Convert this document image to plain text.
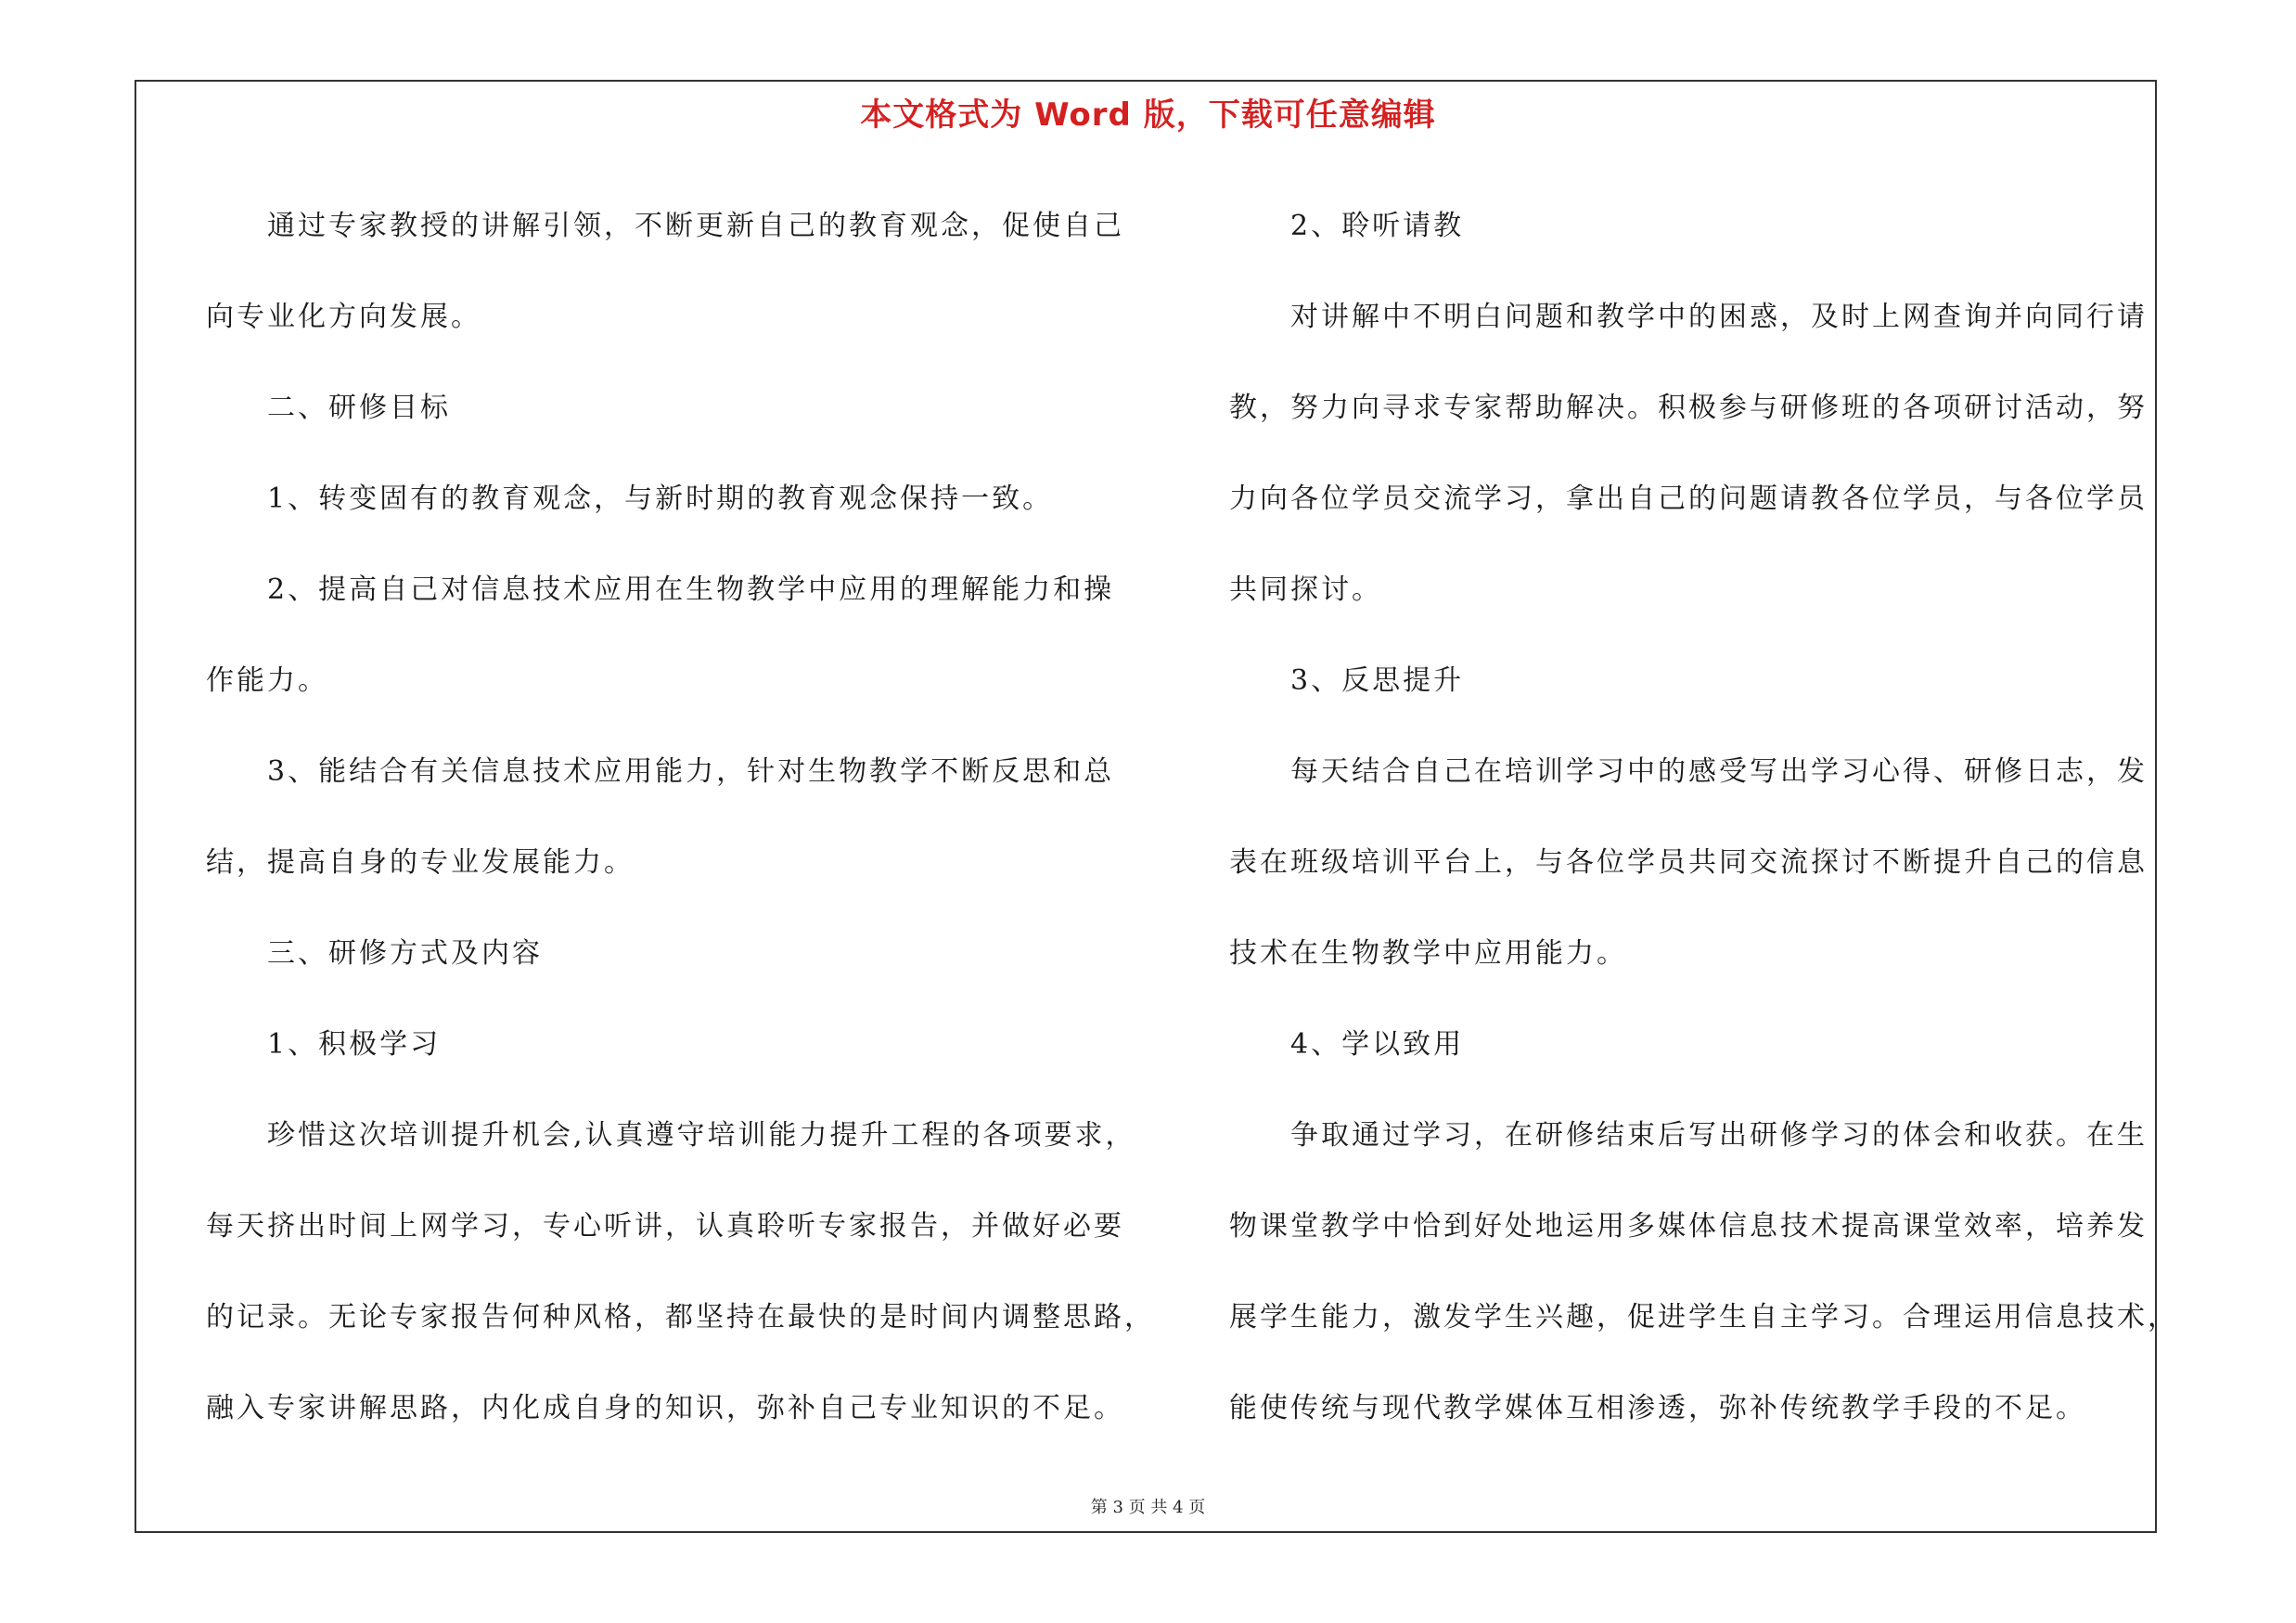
本文格式为 Word 版，下载可任意编辑
通过专家教授的讲解引领，不断更新自己的教育观念，促使自己
向专业化方向发展。
二、研修目标
1、转变固有的教育观念，与新时期的教育观念保持一致。
2、提高自己对信息技术应用在生物教学中应用的理解能力和操
作能力。
3、能结合有关信息技术应用能力，针对生物教学不断反思和总
结，提高自身的专业发展能力。
三、研修方式及内容
1、积极学习
珍惜这次培训提升机会,认真遵守培训能力提升工程的各项要求，
每天挤出时间上网学习，专心听讲，认真聆听专家报告，并做好必要
的记录。无论专家报告何种风格，都坚持在最快的是时间内调整思路，
融入专家讲解思路，内化成自身的知识，弥补自己专业知识的不足。
2、聆听请教
对讲解中不明白问题和教学中的困惑，及时上网查询并向同行请
教，努力向寻求专家帮助解决。积极参与研修班的各项研讨活动，努
力向各位学员交流学习，拿出自己的问题请教各位学员，与各位学员
共同探讨。
3、反思提升
每天结合自己在培训学习中的感受写出学习心得、研修日志，发
表在班级培训平台上，与各位学员共同交流探讨不断提升自己的信息
技术在生物教学中应用能力。
4、学以致用
争取通过学习，在研修结束后写出研修学习的体会和收获。在生
物课堂教学中恰到好处地运用多媒体信息技术提高课堂效率，培养发
展学生能力，激发学生兴趣，促进学生自主学习。合理运用信息技术，
能使传统与现代教学媒体互相渗透，弥补传统教学手段的不足。
第 3 页 共 4 页
